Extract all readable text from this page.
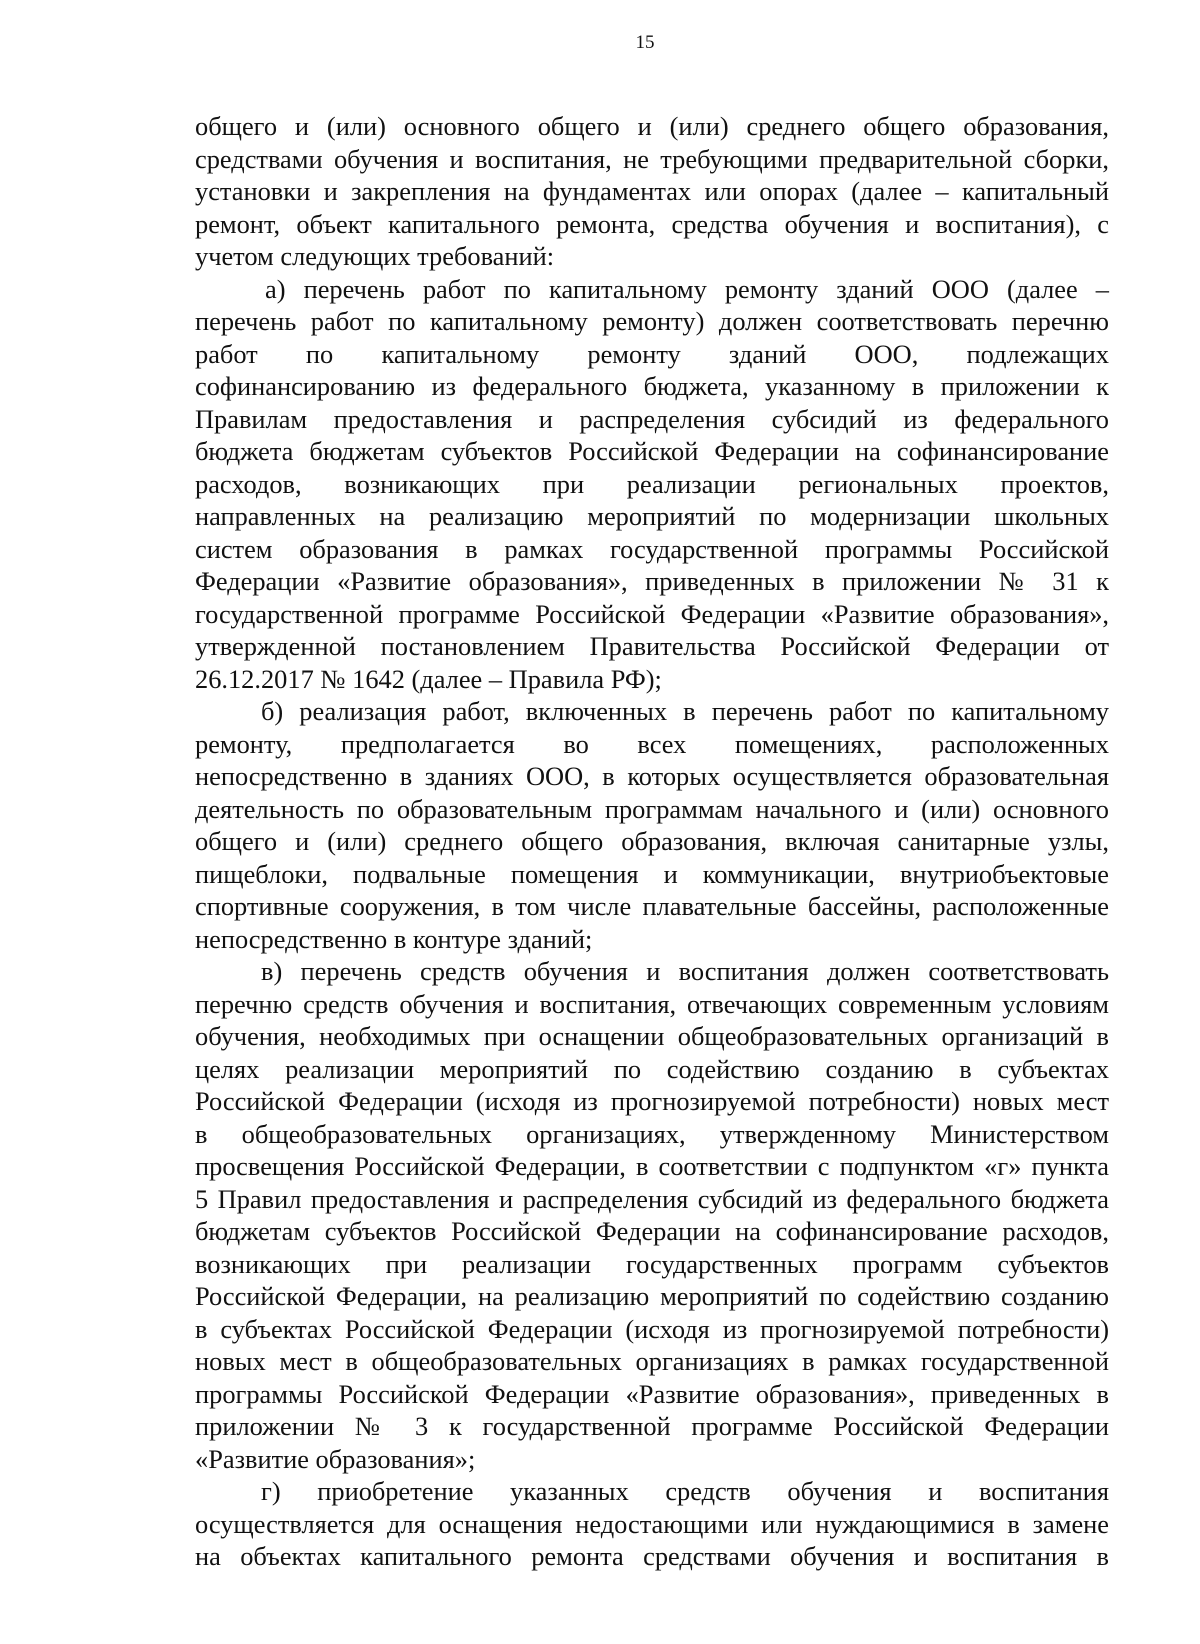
15
общего и (или) основного общего и (или) среднего общего образования,
средствами обучения и воспитания, не требующими предварительной сборки,
установки и закрепления на фундаментах или опорах (далее – капитальный
ремонт, объект капитального ремонта, средства обучения и воспитания), с
учетом следующих требований:
а) перечень работ по капитальному ремонту зданий ООО (далее –
перечень работ по капитальному ремонту) должен соответствовать перечню
работ по капитальному ремонту зданий ООО, подлежащих
софинансированию из федерального бюджета, указанному в приложении к
Правилам предоставления и распределения субсидий из федерального
бюджета бюджетам субъектов Российской Федерации на софинансирование
расходов, возникающих при реализации региональных проектов,
направленных на реализацию мероприятий по модернизации школьных
систем образования в рамках государственной программы Российской
Федерации «Развитие образования», приведенных в приложении № 31 к
государственной программе Российской Федерации «Развитие образования»,
утвержденной постановлением Правительства Российской Федерации от
26.12.2017 № 1642 (далее – Правила РФ);
б) реализация работ, включенных в перечень работ по капитальному
ремонту, предполагается во всех помещениях, расположенных
непосредственно в зданиях ООО, в которых осуществляется образовательная
деятельность по образовательным программам начального и (или) основного
общего и (или) среднего общего образования, включая санитарные узлы,
пищеблоки, подвальные помещения и коммуникации, внутриобъектовые
спортивные сооружения, в том числе плавательные бассейны, расположенные
непосредственно в контуре зданий;
в) перечень средств обучения и воспитания должен соответствовать
перечню средств обучения и воспитания, отвечающих современным условиям
обучения, необходимых при оснащении общеобразовательных организаций в
целях реализации мероприятий по содействию созданию в субъектах
Российской Федерации (исходя из прогнозируемой потребности) новых мест
в общеобразовательных организациях, утвержденному Министерством
просвещения Российской Федерации, в соответствии с подпунктом «г» пункта
5 Правил предоставления и распределения субсидий из федерального бюджета
бюджетам субъектов Российской Федерации на софинансирование расходов,
возникающих при реализации государственных программ субъектов
Российской Федерации, на реализацию мероприятий по содействию созданию
в субъектах Российской Федерации (исходя из прогнозируемой потребности)
новых мест в общеобразовательных организациях в рамках государственной
программы Российской Федерации «Развитие образования», приведенных в
приложении № 3 к государственной программе Российской Федерации
«Развитие образования»;
г) приобретение указанных средств обучения и воспитания
осуществляется для оснащения недостающими или нуждающимися в замене
на объектах капитального ремонта средствами обучения и воспитания в
